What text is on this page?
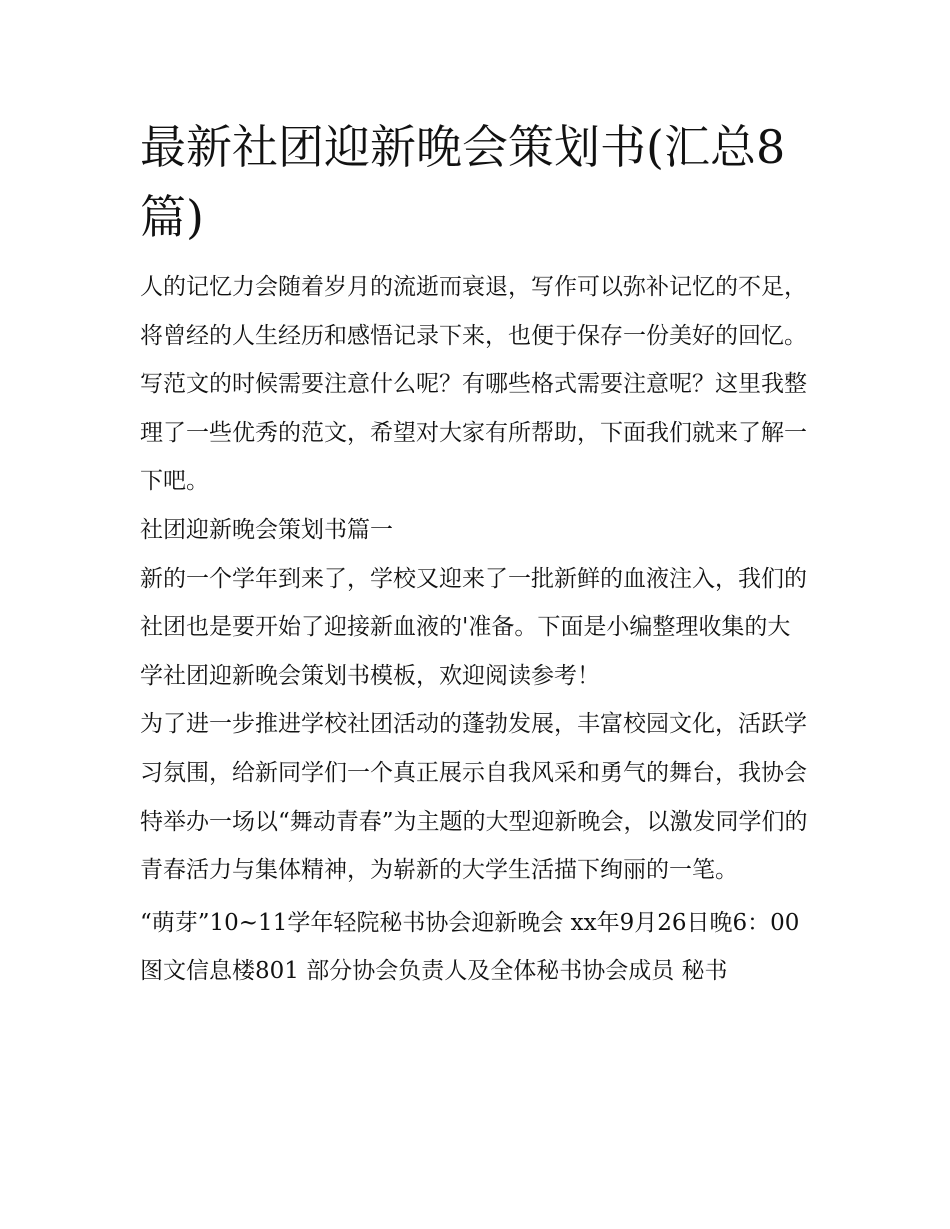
最新社团迎新晚会策划书(汇总8篇)

人的记忆力会随着岁月的流逝而衰退，写作可以弥补记忆的不足，将曾经的人生经历和感悟记录下来，也便于保存一份美好的回忆。写范文的时候需要注意什么呢？有哪些格式需要注意呢？这里我整理了一些优秀的范文，希望对大家有所帮助，下面我们就来了解一下吧。

社团迎新晚会策划书篇一

新的一个学年到来了，学校又迎来了一批新鲜的血液注入，我们的社团也是要开始了迎接新血液的'准备。下面是小编整理收集的大学社团迎新晚会策划书模板，欢迎阅读参考！

为了进一步推进学校社团活动的蓬勃发展，丰富校园文化，活跃学习氛围，给新同学们一个真正展示自我风采和勇气的舞台，我协会特举办一场以“舞动青春”为主题的大型迎新晚会，以激发同学们的青春活力与集体精神，为崭新的大学生活描下绚丽的一笔。

“萌芽”10~11学年轻院秘书协会迎新晚会 xx年9月26日晚6：00 图文信息楼801 部分协会负责人及全体秘书协会成员 秘书
